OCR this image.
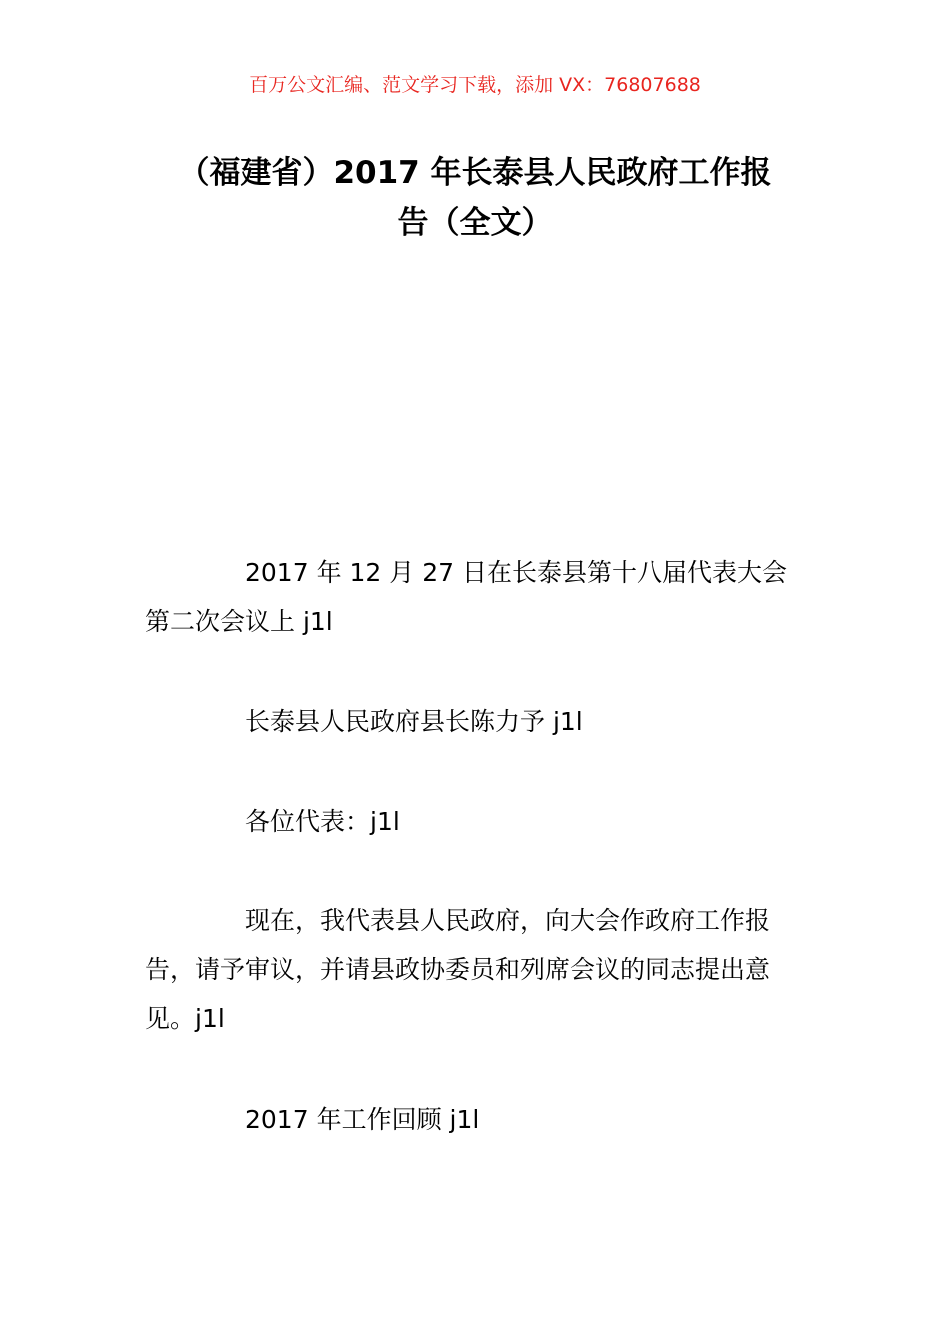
百万公文汇编、范文学习下载，添加 VX：76807688
（福建省）2017 年长泰县人民政府工作报
告（全文）

2017 年 12 月 27 日在长泰县第十八届代表大会第二次会议上 j1l

长泰县人民政府县长陈力予 j1l

各位代表：j1l

现在，我代表县人民政府，向大会作政府工作报告，请予审议，并请县政协委员和列席会议的同志提出意见。j1l

2017 年工作回顾 j1l
